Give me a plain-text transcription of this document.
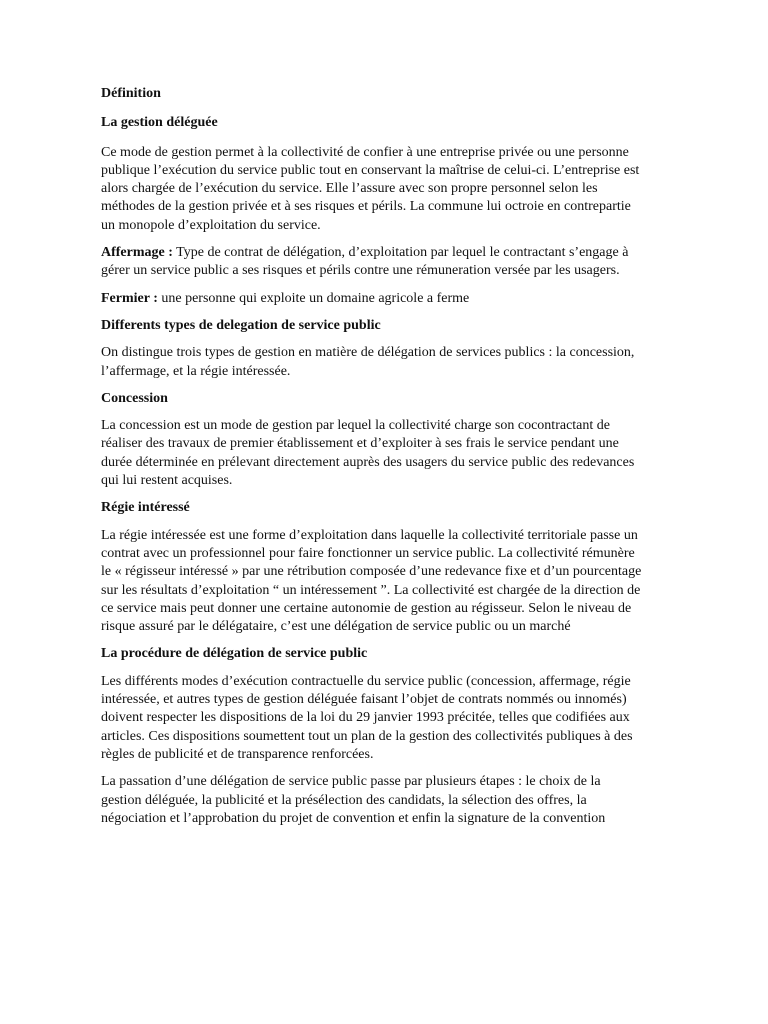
Définition

La gestion déléguée

Ce mode de gestion permet à la collectivité de confier à une entreprise privée ou une personne publique l’exécution du service public tout en conservant la maîtrise de celui-ci. L’entreprise est alors chargée de l’exécution du service. Elle l’assure avec son propre personnel selon les méthodes de la gestion privée et à ses risques et périls. La commune lui octroie en contrepartie un monopole d’exploitation du service.

Affermage : Type de contrat de délégation, d’exploitation par lequel le contractant s’engage à gérer un service public a ses risques et périls contre une rémuneration versée par les usagers.

Fermier : une personne qui exploite un domaine agricole a ferme

Differents types de delegation de service public

On distingue trois types de gestion en matière de délégation de services publics : la concession, l’affermage, et la régie intéressée.

Concession

La concession est un mode de gestion par lequel la collectivité charge son cocontractant de réaliser des travaux de premier établissement et d’exploiter à ses frais le service pendant une durée déterminée en prélevant directement auprès des usagers du service public des redevances qui lui restent acquises.

Régie intéressé

La régie intéressée est une forme d’exploitation dans laquelle la collectivité territoriale passe un contrat avec un professionnel pour faire fonctionner un service public. La collectivité rémunère le « régisseur intéressé » par une rétribution composée d’une redevance fixe et d’un pourcentage sur les résultats d’exploitation “ un intéressement ”. La collectivité est chargée de la direction de ce service mais peut donner une certaine autonomie de gestion au régisseur. Selon le niveau de risque assuré par le délégataire, c’est une délégation de service public ou un marché

La procédure de délégation de service public

Les différents modes d’exécution contractuelle du service public (concession, affermage, régie intéressée, et autres types de gestion déléguée faisant l’objet de contrats nommés ou innomés) doivent respecter les dispositions de la loi du 29 janvier 1993 précitée, telles que codifiées aux articles. Ces dispositions soumettent tout un plan de la gestion des collectivités publiques à des règles de publicité et de transparence renforcées.

La passation d’une délégation de service public passe par plusieurs étapes : le choix de la gestion déléguée, la publicité et la présélection des candidats, la sélection des offres, la négociation et l’approbation du projet de convention et enfin la signature de la convention
